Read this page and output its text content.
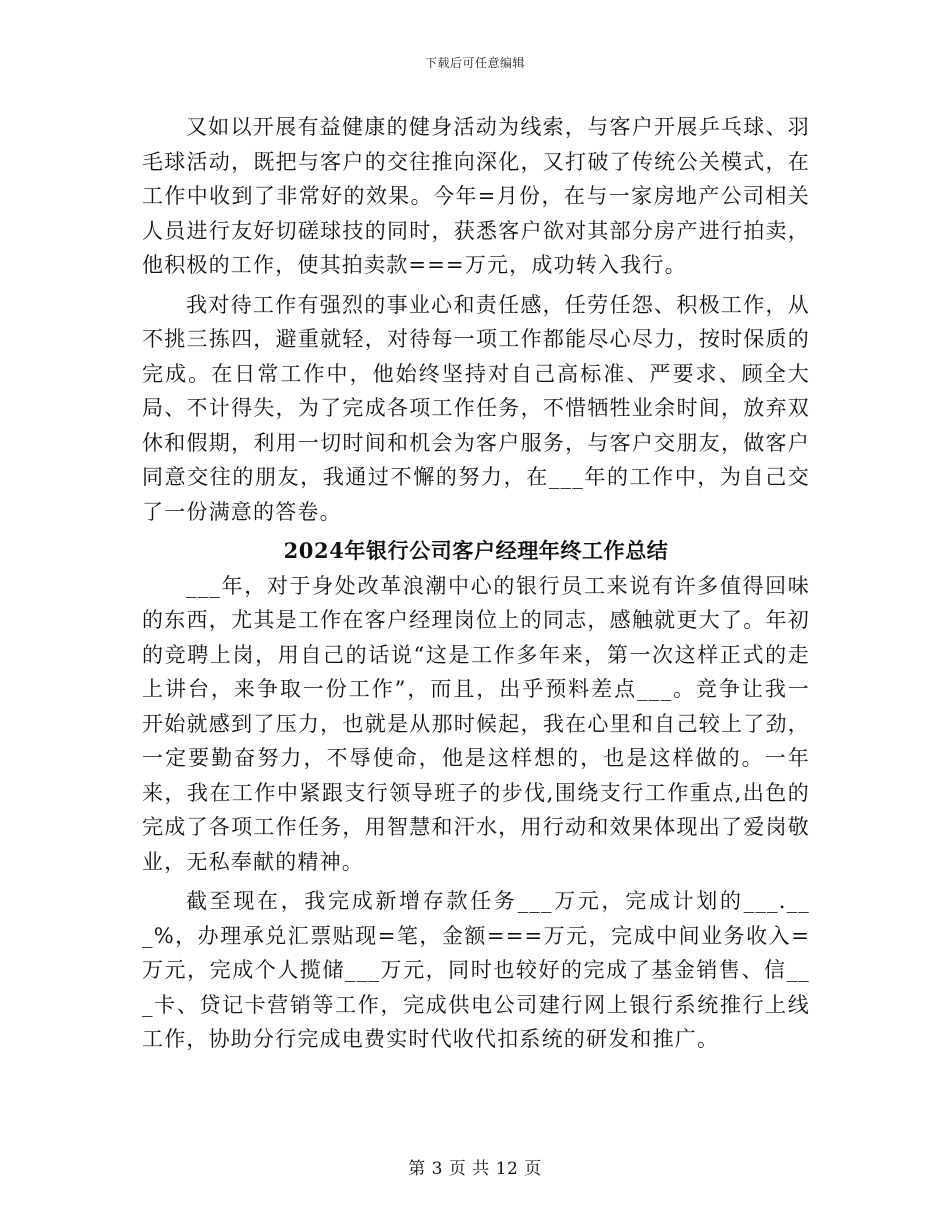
下载后可任意编辑

又如以开展有益健康的健身活动为线索，与客户开展乒乓球、羽毛球活动，既把与客户的交往推向深化，又打破了传统公关模式，在工作中收到了非常好的效果。今年=月份，在与一家房地产公司相关人员进行友好切磋球技的同时，获悉客户欲对其部分房产进行拍卖，他积极的工作，使其拍卖款===万元，成功转入我行。

我对待工作有强烈的事业心和责任感，任劳任怨、积极工作，从不挑三拣四，避重就轻，对待每一项工作都能尽心尽力，按时保质的完成。在日常工作中，他始终坚持对自己高标准、严要求、顾全大局、不计得失，为了完成各项工作任务，不惜牺牲业余时间，放弃双休和假期，利用一切时间和机会为客户服务，与客户交朋友，做客户同意交往的朋友，我通过不懈的努力，在___年的工作中，为自己交了一份满意的答卷。

2024年银行公司客户经理年终工作总结

___年，对于身处改革浪潮中心的银行员工来说有许多值得回味的东西，尤其是工作在客户经理岗位上的同志，感触就更大了。年初的竞聘上岗，用自己的话说“这是工作多年来，第一次这样正式的走上讲台，来争取一份工作”，而且，出乎预料差点___。竞争让我一开始就感到了压力，也就是从那时候起，我在心里和自己较上了劲，一定要勤奋努力，不辱使命，他是这样想的，也是这样做的。一年来，我在工作中紧跟支行领导班子的步伐,围绕支行工作重点,出色的完成了各项工作任务，用智慧和汗水，用行动和效果体现出了爱岗敬业，无私奉献的精神。

截至现在，我完成新增存款任务___万元，完成计划的___.___%，办理承兑汇票贴现=笔，金额===万元，完成中间业务收入=万元，完成个人揽储___万元，同时也较好的完成了基金销售、信___卡、贷记卡营销等工作，完成供电公司建行网上银行系统推行上线工作，协助分行完成电费实时代收代扣系统的研发和推广。

第 3 页 共 12 页
